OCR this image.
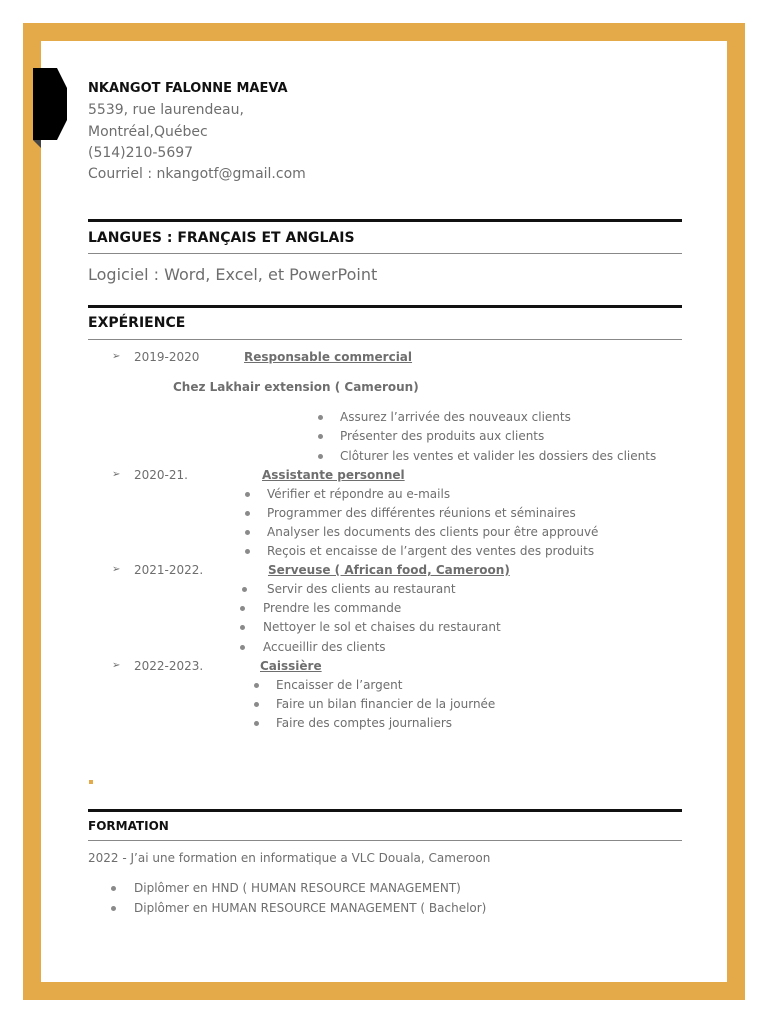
NKANGOT FALONNE MAEVA
5539, rue laurendeau,
Montréal,Québec
(514)210-5697
Courriel : nkangotf@gmail.com
LANGUES : FRANÇAIS ET ANGLAIS
Logiciel : Word, Excel, et PowerPoint
EXPÉRIENCE
➢ 2019-2020	Responsable commercial
Chez Lakhair extension ( Cameroun)
Assurez l’arrivée des nouveaux clients
Présenter des produits aux clients
Clôturer les ventes et valider les dossiers des clients
➢ 2020-21.	Assistante personnel
Vérifier et répondre au e-mails
Programmer des différentes réunions et séminaires
Analyser les documents des clients pour être approuvé
Reçois et encaisse de l’argent des ventes des produits
➢ 2021-2022.	Serveuse ( African food, Cameroon)
Servir des clients au restaurant
Prendre les commande
Nettoyer le sol et chaises du restaurant
Accueillir des clients
➢ 2022-2023.	Caissière
Encaisser de l’argent
Faire un bilan financier de la journée
Faire des comptes journaliers
FORMATION
2022 - J’ai une formation en informatique a VLC Douala, Cameroon
Diplômer en HND ( HUMAN RESOURCE MANAGEMENT)
Diplômer en HUMAN RESOURCE MANAGEMENT ( Bachelor)
